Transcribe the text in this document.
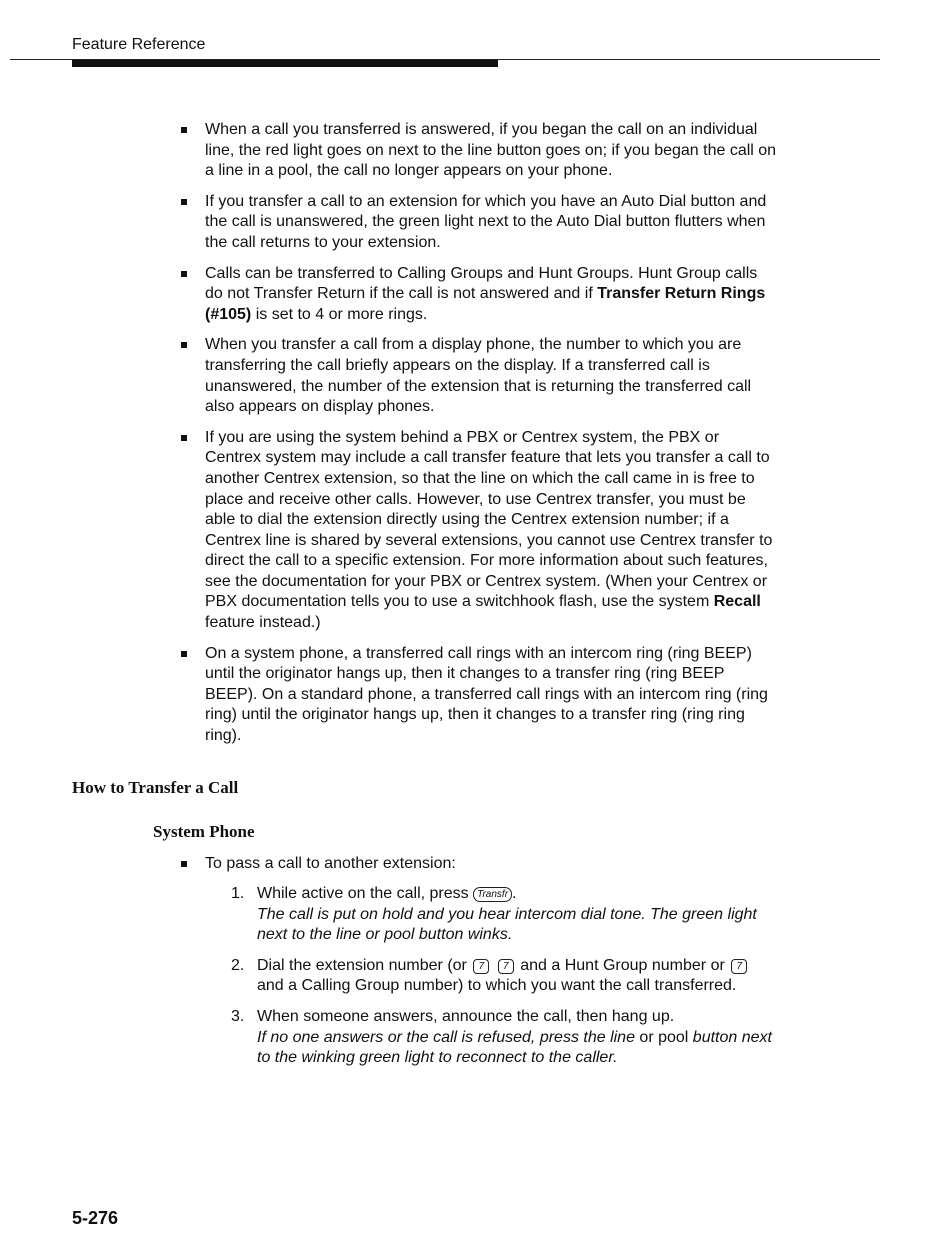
Feature Reference
When a call you transferred is answered, if you began the call on an individual line, the red light goes on next to the line button goes on; if you began the call on a line in a pool, the call no longer appears on your phone.
If you transfer a call to an extension for which you have an Auto Dial button and the call is unanswered, the green light next to the Auto Dial button flutters when the call returns to your extension.
Calls can be transferred to Calling Groups and Hunt Groups. Hunt Group calls do not Transfer Return if the call is not answered and if Transfer Return Rings (#105) is set to 4 or more rings.
When you transfer a call from a display phone, the number to which you are transferring the call briefly appears on the display. If a transferred call is unanswered, the number of the extension that is returning the transferred call also appears on display phones.
If you are using the system behind a PBX or Centrex system, the PBX or Centrex system may include a call transfer feature that lets you transfer a call to another Centrex extension, so that the line on which the call came in is free to place and receive other calls. However, to use Centrex transfer, you must be able to dial the extension directly using the Centrex extension number; if a Centrex line is shared by several extensions, you cannot use Centrex transfer to direct the call to a specific extension. For more information about such features, see the documentation for your PBX or Centrex system. (When your Centrex or PBX documentation tells you to use a switchhook flash, use the system Recall feature instead.)
On a system phone, a transferred call rings with an intercom ring (ring BEEP) until the originator hangs up, then it changes to a transfer ring (ring BEEP BEEP). On a standard phone, a transferred call rings with an intercom ring (ring ring) until the originator hangs up, then it changes to a transfer ring (ring ring ring).
How to Transfer a Call
System Phone
To pass a call to another extension:
1. While active on the call, press Transfr .
The call is put on hold and you hear intercom dial tone. The green light next to the line or pool button winks.
2. Dial the extension number (or 7 7 and a Hunt Group number or 7 and a Calling Group number) to which you want the call transferred.
3. When someone answers, announce the call, then hang up.
If no one answers or the call is refused, press the line or pool button next to the winking green light to reconnect to the caller.
5-276
